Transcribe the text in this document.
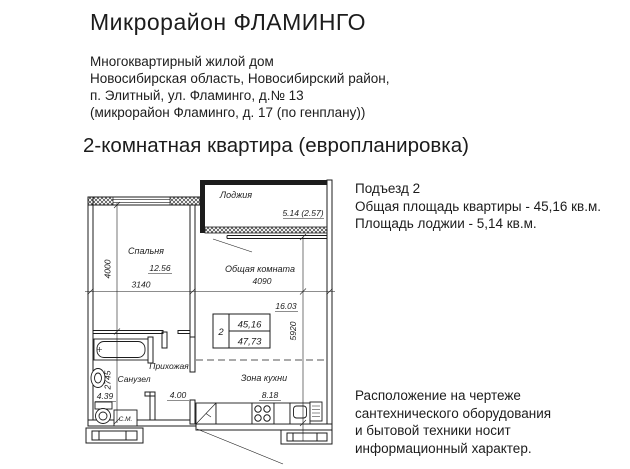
Микрорайон ФЛАМИНГО
Многоквартирный жилой дом
Новосибирская область, Новосибирский район,
п. Элитный, ул. Фламинго, д.№ 13
(микрорайон Фламинго, д. 17 (по генплану))
2-комнатная квартира (европланировка)
Подъезд 2
Общая площадь квартиры - 45,16 кв.м.
Площадь лоджии - 5,14 кв.м.
Расположение на чертеже
сантехнического оборудования
и бытовой техники носит
информационный характер.
С.М.
Лоджия
5.14 (2.57)
Спальня
12.56
3140
4000	Общая комната
4090
16.03
5920
Прихожая
4.00
Санузел
4.39
2745	Зона кухни
8.18
2
45,16
47,73
